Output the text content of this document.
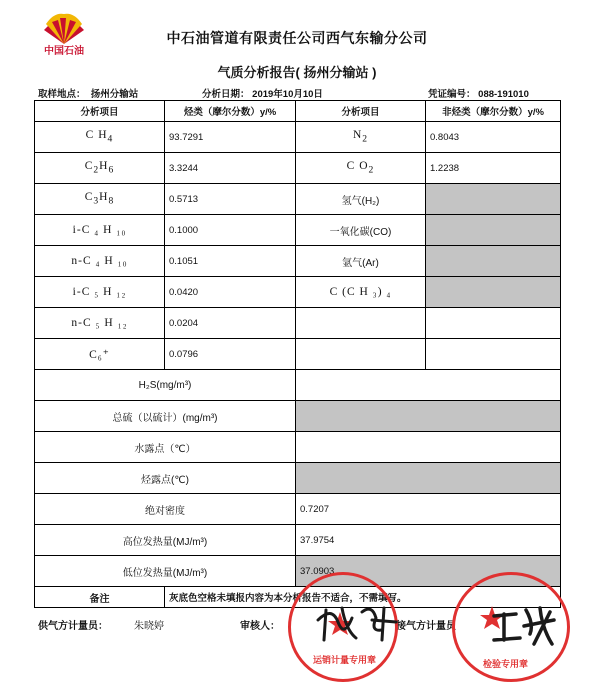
中国石油
中石油管道有限责任公司西气东输分公司
气质分析报告( 扬州分输站 )
取样地点： 扬州分输站	分析日期： 2019年10月10日	凭证编号： 088-191010
分析项目	烃类（摩尔分数）y/%	分析项目	非烃类（摩尔分数）y/%
C $H_4$	93.7291	$N_2$	0.8043
$C_2H_6$	3.3244	C $O_2$	1.2238
$C_3H_8$	0.5713	氢气(H₂)	
i-C ₄ H ₁₀	0.1000	一氧化碳(CO)	
n-C ₄ H ₁₀	0.1051	氩气(Ar)	
i-C ₅ H ₁₂	0.0420	C (C H ₃) ₄	
n-C ₅ H ₁₂	0.0204		
C₆⁺	0.0796		
H₂S(mg/m³)			
总硫（以硫计）(mg/m³)			
水露点（℃）			
烃露点(℃)			
绝对密度		0.7207	
高位发热量(MJ/m³)		37.9754	
低位发热量(MJ/m³)		37.0903	
备注	灰底色空格未填报内容为本分析报告不适合，不需填写。		
供气方计量员：	朱晓婷	审核人：	接气方计量员
运销计量专用章	检验专用章
